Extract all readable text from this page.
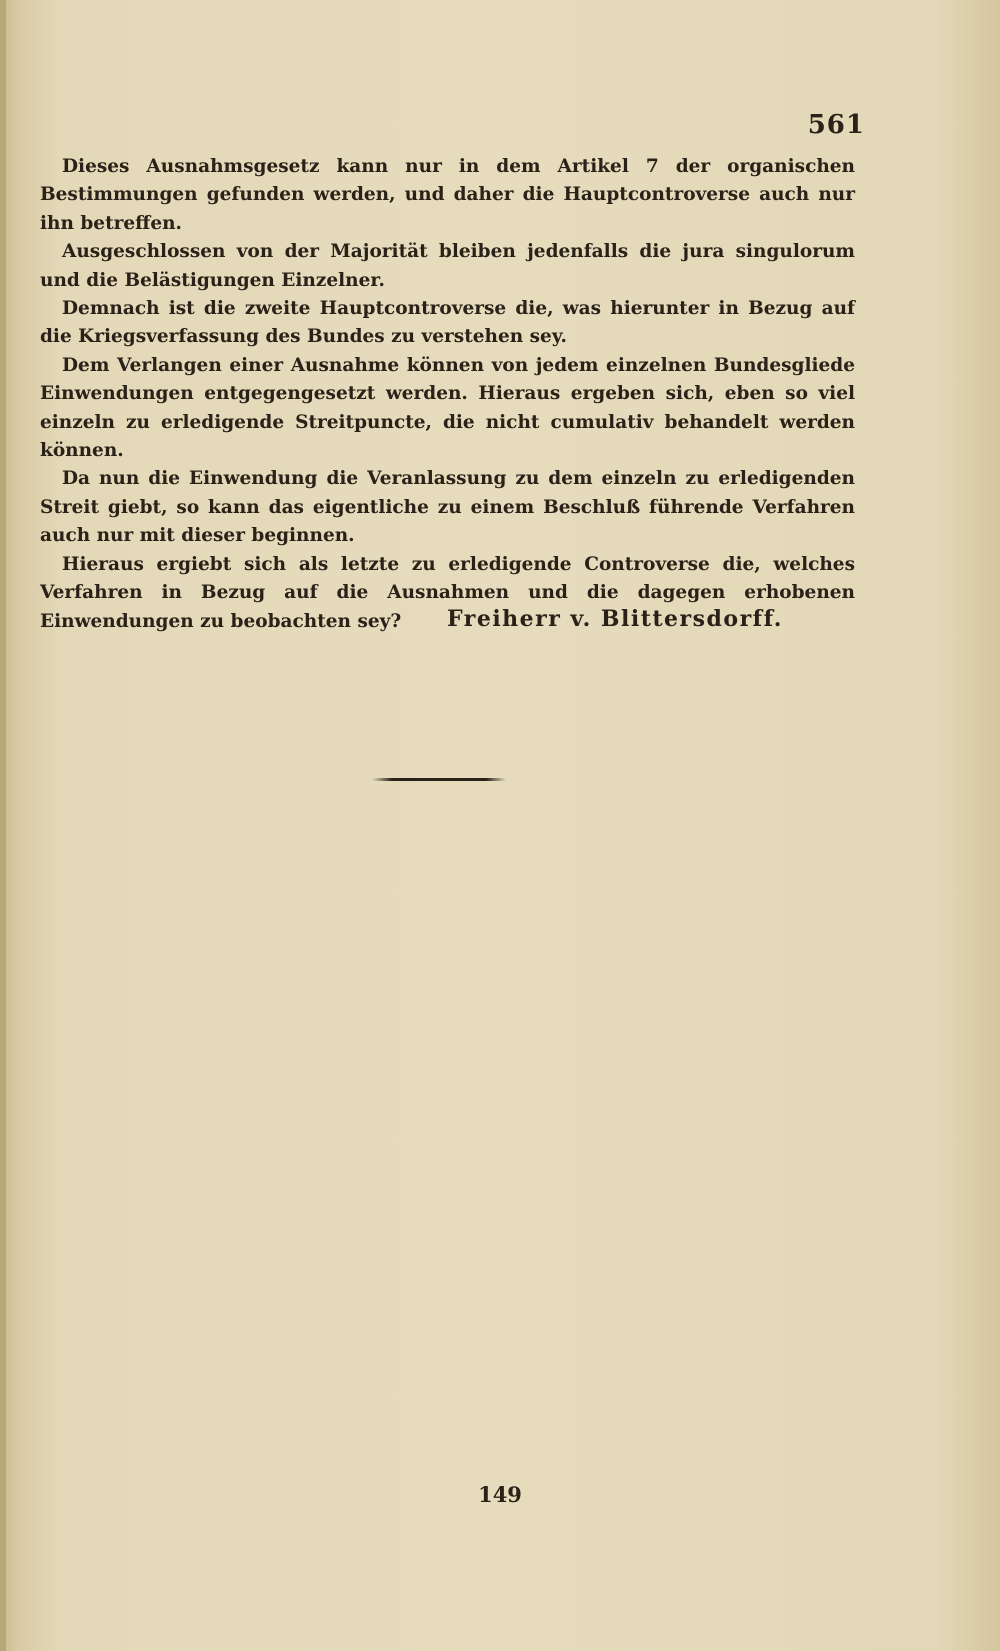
561

Dieses Ausnahmsgesetz kann nur in dem Artikel 7 der organischen Bestimmungen gefunden werden, und daher die Hauptcontroverse auch nur ihn betreffen.

Ausgeschlossen von der Majorität bleiben jedenfalls die jura singulorum und die Belästigungen Einzelner.

Demnach ist die zweite Hauptcontroverse die, was hierunter in Bezug auf die Kriegsverfassung des Bundes zu verstehen sey.

Dem Verlangen einer Ausnahme können von jedem einzelnen Bundesgliede Einwendungen entgegengesetzt werden. Hieraus ergeben sich, eben so viel einzeln zu erledigende Streitpuncte, die nicht cumulativ behandelt werden können.

Da nun die Einwendung die Veranlassung zu dem einzeln zu erledigenden Streit giebt, so kann das eigentliche zu einem Beschluß führende Verfahren auch nur mit dieser beginnen.

Hieraus ergiebt sich als letzte zu erledigende Controverse die, welches Verfahren in Bezug auf die Ausnahmen und die dagegen erhobenen Einwendungen zu beobachten sey?	Freiherr v. Blittersdorff.
149
